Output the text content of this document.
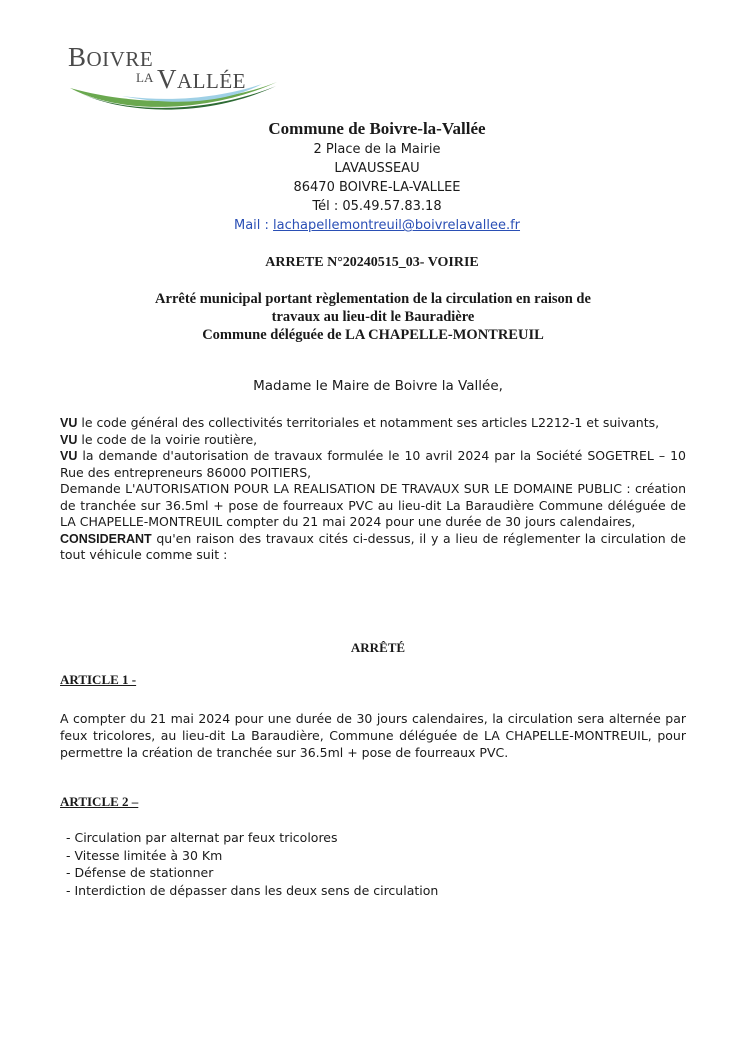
BOIVRE
LA VALLÉE
Commune de Boivre-la-Vallée
2 Place de la Mairie
LAVAUSSEAU
86470 BOIVRE-LA-VALLEE
Tél : 05.49.57.83.18
Mail : lachapellemontreuil@boivrelavallee.fr
ARRETE N°20240515_03- VOIRIE
Arrêté municipal portant règlementation de la circulation en raison de
travaux au lieu-dit le Bauradière
Commune déléguée de LA CHAPELLE-MONTREUIL
Madame le Maire de Boivre la Vallée,

VU le code général des collectivités territoriales et notamment ses articles L2212-1 et suivants,

VU le code de la voirie routière,

VU la demande d'autorisation de travaux formulée le 10 avril 2024 par la Société SOGETREL – 10 Rue des entrepreneurs 86000 POITIERS,

Demande L'AUTORISATION POUR LA REALISATION DE TRAVAUX SUR LE DOMAINE PUBLIC : création de tranchée sur 36.5ml + pose de fourreaux PVC au lieu-dit La Baraudière Commune déléguée de LA CHAPELLE-MONTREUIL compter du 21 mai 2024 pour une durée de 30 jours calendaires,

CONSIDERANT qu'en raison des travaux cités ci-dessus, il y a lieu de réglementer la circulation de tout véhicule comme suit :

ARRÊTÉ
ARTICLE 1 -
A compter du 21 mai 2024 pour une durée de 30 jours calendaires, la circulation sera alternée par feux tricolores, au lieu-dit La Baraudière, Commune déléguée de LA CHAPELLE-MONTREUIL, pour permettre la création de tranchée sur 36.5ml + pose de fourreaux PVC.
ARTICLE 2 –
- Circulation par alternat par feux tricolores
- Vitesse limitée à 30 Km
- Défense de stationner
- Interdiction de dépasser dans les deux sens de circulation
